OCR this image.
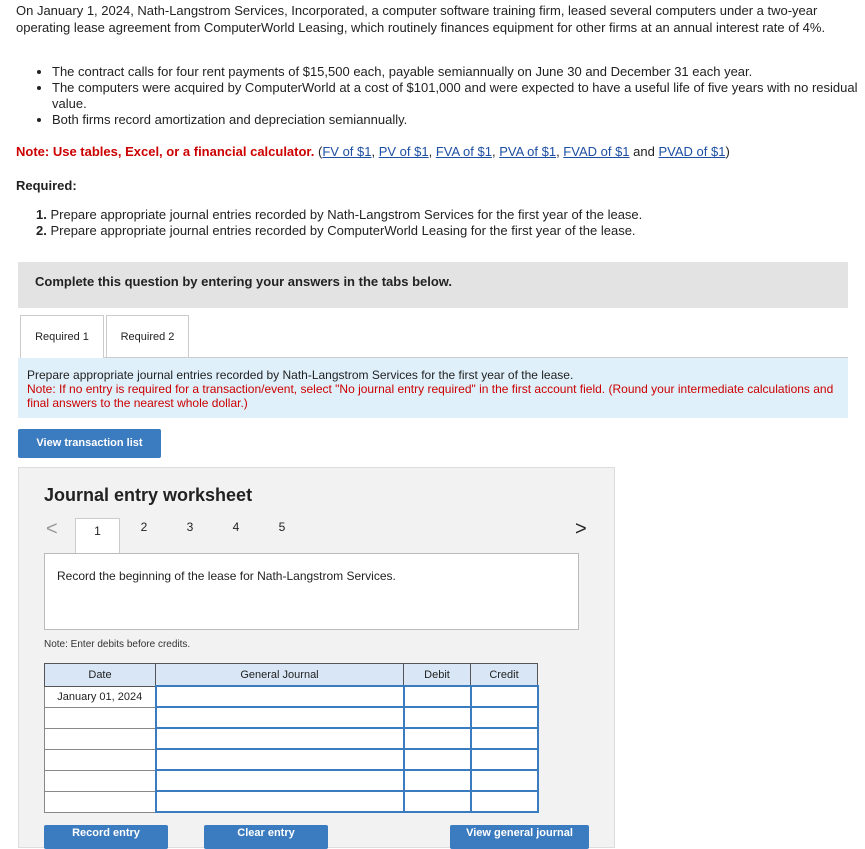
On January 1, 2024, Nath-Langstrom Services, Incorporated, a computer software training firm, leased several computers under a two-year operating lease agreement from ComputerWorld Leasing, which routinely finances equipment for other firms at an annual interest rate of 4%.
• The contract calls for four rent payments of $15,500 each, payable semiannually on June 30 and December 31 each year.
• The computers were acquired by ComputerWorld at a cost of $101,000 and were expected to have a useful life of five years with no residual value.
• Both firms record amortization and depreciation semiannually.
Note: Use tables, Excel, or a financial calculator. (FV of $1, PV of $1, FVA of $1, PVA of $1, FVAD of $1 and PVAD of $1)
Required:
1. Prepare appropriate journal entries recorded by Nath-Langstrom Services for the first year of the lease.
2. Prepare appropriate journal entries recorded by ComputerWorld Leasing for the first year of the lease.
Complete this question by entering your answers in the tabs below.
Required 1	Required 2
Prepare appropriate journal entries recorded by Nath-Langstrom Services for the first year of the lease.
Note: If no entry is required for a transaction/event, select "No journal entry required" in the first account field. (Round your intermediate calculations and final answers to the nearest whole dollar.)
View transaction list
Journal entry worksheet
<	1	2	3	4	5	>
Record the beginning of the lease for Nath-Langstrom Services.
Note: Enter debits before credits.
Date	General Journal	Debit	Credit
January 01, 2024			

Record entry	Clear entry	View general journal
